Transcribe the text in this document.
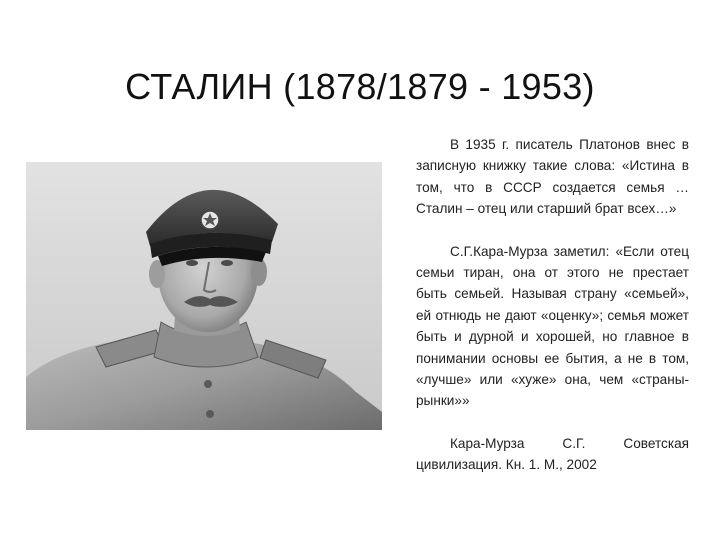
СТАЛИН (1878/1879 - 1953)

В 1935 г. писатель Платонов внес в записную книжку такие слова: «Истина в том, что в СССР создается семья … Сталин – отец или старший брат всех…»

С.Г.Кара-Мурза заметил: «Если отец семьи тиран, она от этого не престает быть семьей. Называя страну «семьей», ей отнюдь не дают «оценку»; семья может быть и дурной и хорошей, но главное в понимании основы ее бытия, а не в том, «лучше» или «хуже» она, чем «страны-рынки»»

Кара-Мурза С.Г. Советская цивилизация. Кн. 1. М., 2002
